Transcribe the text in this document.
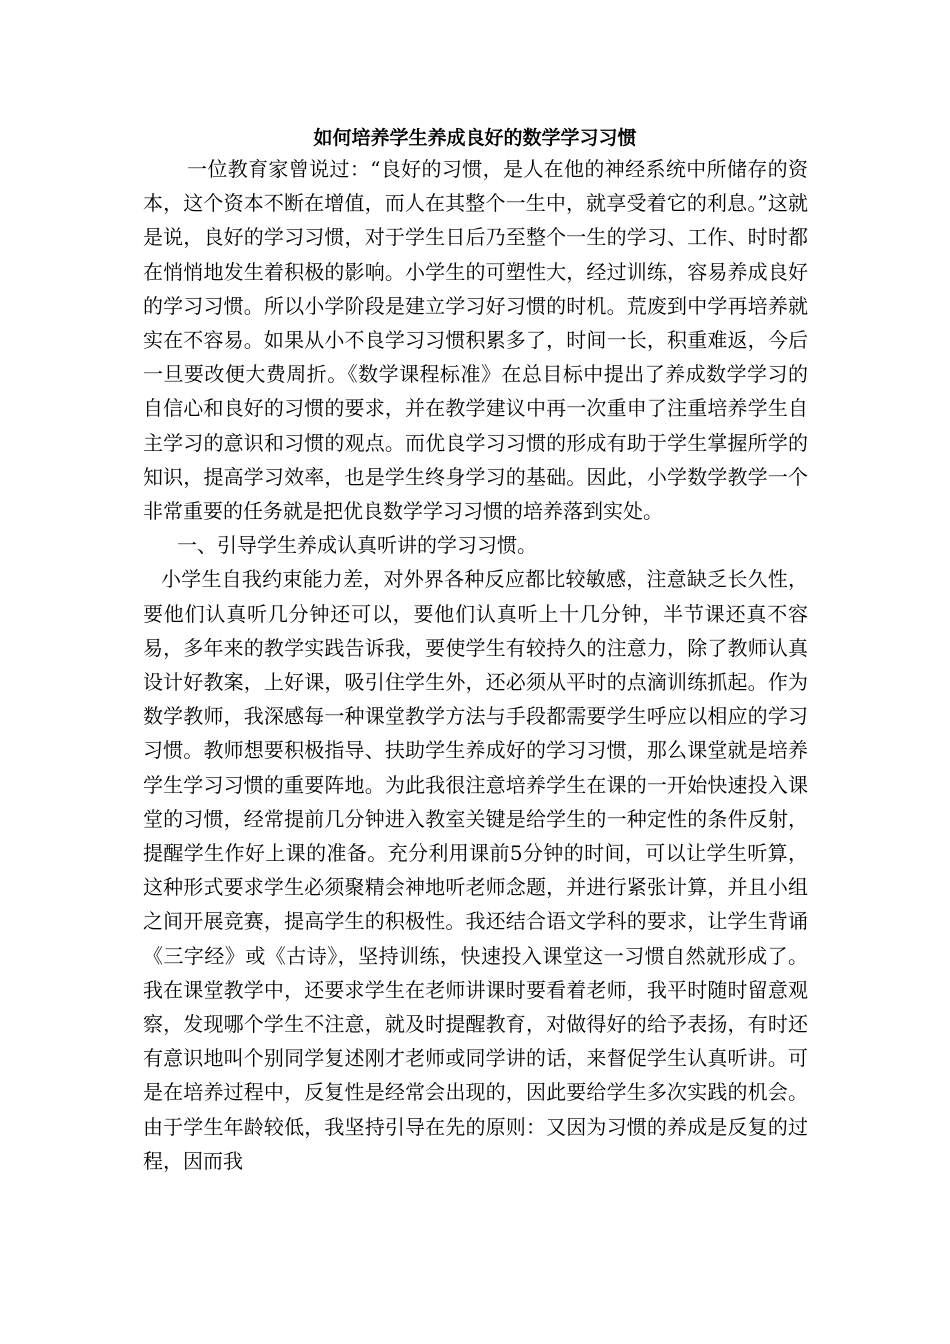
如何培养学生养成良好的数学学习习惯

一位教育家曾说过：“良好的习惯，是人在他的神经系统中所储存的资本，这个资本不断在增值，而人在其整个一生中，就享受着它的利息。”这就是说，良好的学习习惯，对于学生日后乃至整个一生的学习、工作、时时都在悄悄地发生着积极的影响。小学生的可塑性大，经过训练，容易养成良好的学习习惯。所以小学阶段是建立学习好习惯的时机。荒废到中学再培养就实在不容易。如果从小不良学习习惯积累多了，时间一长，积重难返，今后一旦要改便大费周折。《数学课程标准》在总目标中提出了养成数学学习的自信心和良好的习惯的要求，并在教学建议中再一次重申了注重培养学生自主学习的意识和习惯的观点。而优良学习习惯的形成有助于学生掌握所学的知识，提高学习效率，也是学生终身学习的基础。因此，小学数学教学一个非常重要的任务就是把优良数学学习习惯的培养落到实处。

一、引导学生养成认真听讲的学习习惯。

小学生自我约束能力差，对外界各种反应都比较敏感，注意缺乏长久性，要他们认真听几分钟还可以，要他们认真听上十几分钟，半节课还真不容易，多年来的教学实践告诉我，要使学生有较持久的注意力，除了教师认真设计好教案，上好课，吸引住学生外，还必须从平时的点滴训练抓起。作为数学教师，我深感每一种课堂教学方法与手段都需要学生呼应以相应的学习习惯。教师想要积极指导、扶助学生养成好的学习习惯，那么课堂就是培养学生学习习惯的重要阵地。为此我很注意培养学生在课的一开始快速投入课堂的习惯，经常提前几分钟进入教室关键是给学生的一种定性的条件反射，提醒学生作好上课的准备。充分利用课前5分钟的时间，可以让学生听算，这种形式要求学生必须聚精会神地听老师念题，并进行紧张计算，并且小组之间开展竞赛，提高学生的积极性。我还结合语文学科的要求，让学生背诵《三字经》或《古诗》，坚持训练，快速投入课堂这一习惯自然就形成了。我在课堂教学中，还要求学生在老师讲课时要看着老师，我平时随时留意观察，发现哪个学生不注意，就及时提醒教育，对做得好的给予表扬，有时还有意识地叫个别同学复述刚才老师或同学讲的话，来督促学生认真听讲。可是在培养过程中，反复性是经常会出现的，因此要给学生多次实践的机会。由于学生年龄较低，我坚持引导在先的原则：又因为习惯的养成是反复的过程，因而我
